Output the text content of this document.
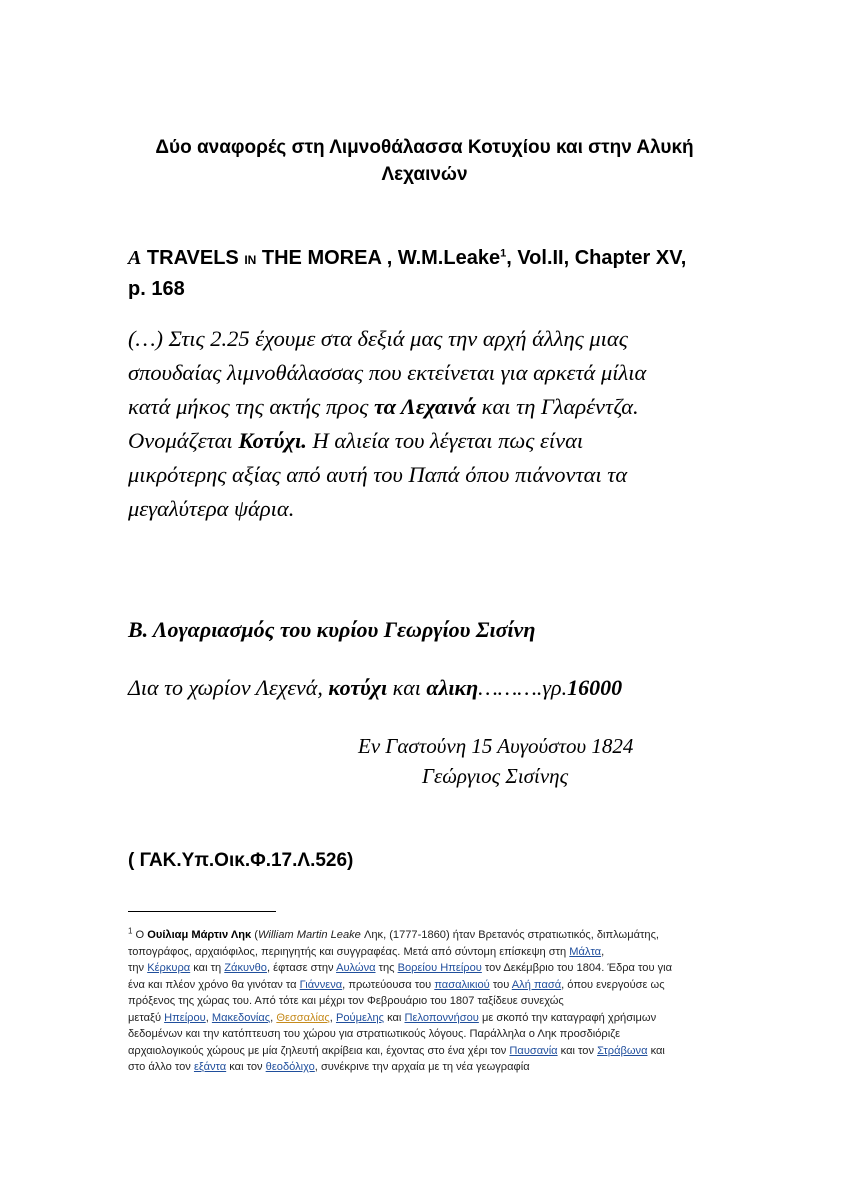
Δύο αναφορές στη Λιμνοθάλασσα Κοτυχίου και στην Αλυκή
Λεχαινών
A TRAVELS IN THE MOREA , W.M.Leake$^1$, Vol.II, Chapter XV,
p. 168

(…) Στις 2.25 έχουμε στα δεξιά μας την αρχή άλλης μιας

σπουδαίας λιμνοθάλασσας που εκτείνεται για αρκετά μίλια

κατά μήκος της ακτής προς τα Λεχαινά και τη Γλαρέντζα.

Ονομάζεται Κοτύχι. Η αλιεία του λέγεται πως είναι

μικρότερης αξίας από αυτή του Παπά όπου πιάνονται τα

μεγαλύτερα ψάρια.

Β. Λογαριασμός του κυρίου Γεωργίου Σισίνη
Δια το χωρίον Λεχενά, κοτύχι και αλικη……….γρ.16000
Εν Γαστούνη 15 Αυγούστου 1824
Γεώργιος Σισίνης
( ΓΑΚ.Υπ.Οικ.Φ.17.Λ.526)

$^1$ Ο Ουίλιαμ Μάρτιν Ληκ (William Martin Leake Ληκ, (1777-1860) ήταν Βρετανός στρατιωτικός, διπλωμάτης,

τοπογράφος, αρχαιόφιλος, περιηγητής και συγγραφέας. Μετά από σύντομη επίσκεψη στη Μάλτα,

την Κέρκυρα και τη Ζάκυνθο, έφτασε στην Αυλώνα της Βορείου Ηπείρου τον Δεκέμβριο του 1804. Έδρα του για

ένα και πλέον χρόνο θα γινόταν τα Γιάννενα, πρωτεύουσα του πασαλικιού του Αλή πασά, όπου ενεργούσε ως

πρόξενος της χώρας του. Από τότε και μέχρι τον Φεβρουάριο του 1807 ταξίδευε συνεχώς

μεταξύ Ηπείρου, Μακεδονίας, Θεσσαλίας, Ρούμελης και Πελοποννήσου με σκοπό την καταγραφή χρήσιμων

δεδομένων και την κατόπτευση του χώρου για στρατιωτικούς λόγους. Παράλληλα ο Ληκ προσδιόριζε

αρχαιολογικούς χώρους με μία ζηλευτή ακρίβεια και, έχοντας στο ένα χέρι τον Παυσανία και τον Στράβωνα και

στο άλλο τον εξάντα και τον θεοδόλιχο, συνέκρινε την αρχαία με τη νέα γεωγραφία
